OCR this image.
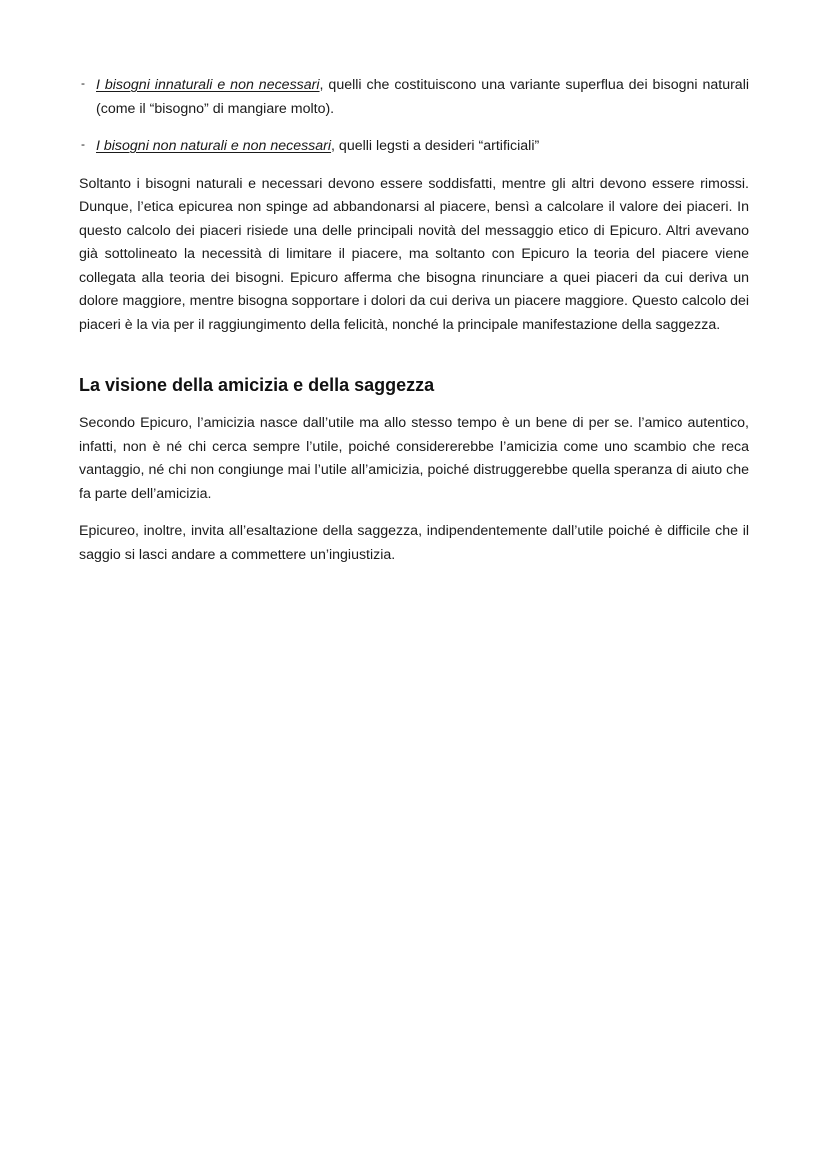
- I bisogni innaturali e non necessari, quelli che costituiscono una variante superflua dei bisogni naturali (come il “bisogno” di mangiare molto).
- I bisogni non naturali e non necessari, quelli legsti a desideri “artificiali”

Soltanto i bisogni naturali e necessari devono essere soddisfatti, mentre gli altri devono essere rimossi. Dunque, l’etica epicurea non spinge ad abbandonarsi al piacere, bensì a calcolare il valore dei piaceri. In questo calcolo dei piaceri risiede una delle principali novità del messaggio etico di Epicuro. Altri avevano già sottolineato la necessità di limitare il piacere, ma soltanto con Epicuro la teoria del piacere viene collegata alla teoria dei bisogni. Epicuro afferma che bisogna rinunciare a quei piaceri da cui deriva un dolore maggiore, mentre bisogna sopportare i dolori da cui deriva un piacere maggiore. Questo calcolo dei piaceri è la via per il raggiungimento della felicità, nonché la principale manifestazione della saggezza.

La visione della amicizia e della saggezza

Secondo Epicuro, l’amicizia nasce dall’utile ma allo stesso tempo è un bene di per se. l’amico autentico, infatti, non è né chi cerca sempre l’utile, poiché considererebbe l’amicizia come uno scambio che reca vantaggio, né chi non congiunge mai l’utile all’amicizia, poiché distruggerebbe quella speranza di aiuto che fa parte dell’amicizia.

Epicureo, inoltre, invita all’esaltazione della saggezza, indipendentemente dall’utile poiché è difficile che il saggio si lasci andare a commettere un’ingiustizia.
